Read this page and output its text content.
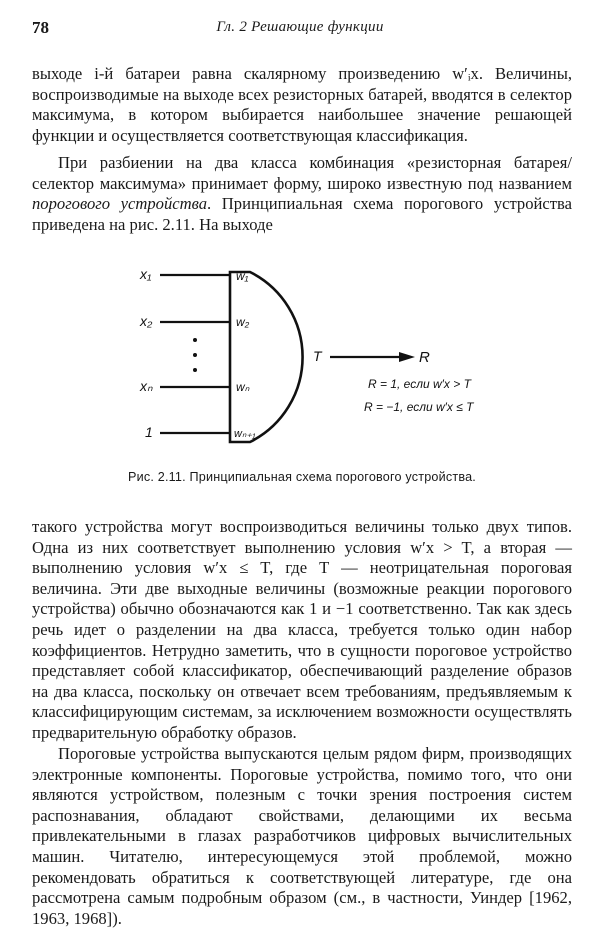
78	Гл. 2 Решающие функции

выходе i-й батареи равна скалярному произведению w′ᵢx. Величины, воспроизводимые на выходе всех резисторных батарей, вводятся в селектор максимума, в котором выбирается наибольшее значение решающей функции и осуществляется соответствующая классификация.

При разбиении на два класса комбинация «резисторная батарея/селектор максимума» принимает форму, широко известную под названием порогового устройства. Принципиальная схема порогового устройства приведена на рис. 2.11. На выходе

x₁
x₂
xₙ
1
w₁
w₂
wₙ
wₙ₊₁
T	R
R = 1, если w′x > T
R = −1, если w′x ≤ T
Рис. 2.11. Принципиальная схема порогового устройства.

такого устройства могут воспроизводиться величины только двух типов. Одна из них соответствует выполнению условия w′x > T, а вторая — выполнению условия w′x ≤ T, где T — неотрицательная пороговая величина. Эти две выходные величины (возможные реакции порогового устройства) обычно обозначаются как 1 и −1 соответственно. Так как здесь речь идет о разделении на два класса, требуется только один набор коэффициентов. Нетрудно заметить, что в сущности пороговое устройство представляет собой классификатор, обеспечивающий разделение образов на два класса, поскольку он отвечает всем требованиям, предъявляемым к классифицирующим системам, за исключением возможности осуществлять предварительную обработку образов.

Пороговые устройства выпускаются целым рядом фирм, производящих электронные компоненты. Пороговые устройства, помимо того, что они являются устройством, полезным с точки зрения построения систем распознавания, обладают свойствами, делающими их весьма привлекательными в глазах разработчиков цифровых вычислительных машин. Читателю, интересующемуся этой проблемой, можно рекомендовать обратиться к соответствующей литературе, где она рассмотрена самым подробным образом (см., в частности, Уиндер [1962, 1963, 1968]).
